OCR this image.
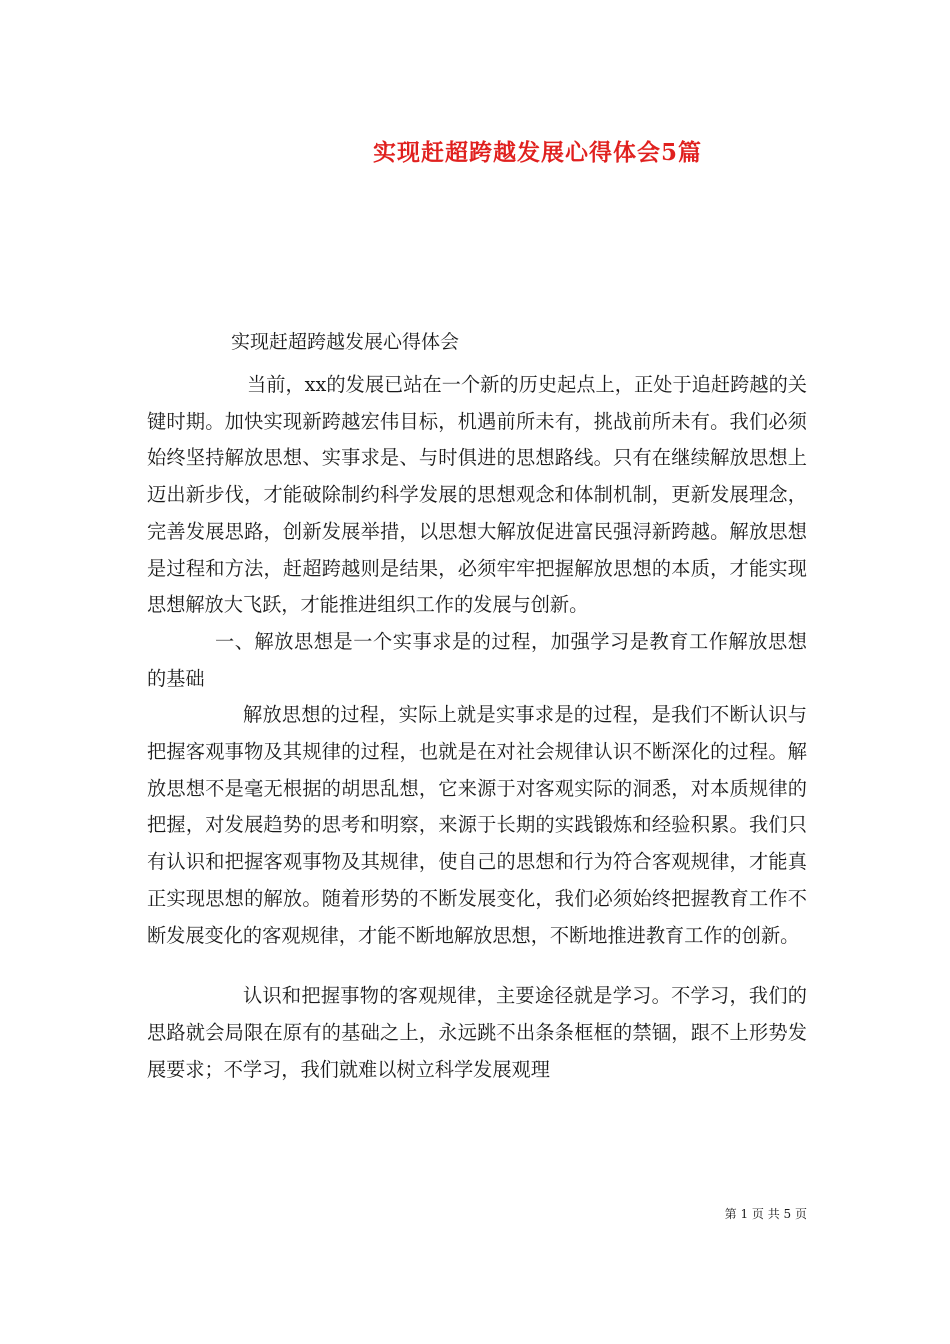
实现赶超跨越发展心得体会5篇
实现赶超跨越发展心得体会

当前，xx的发展已站在一个新的历史起点上，正处于追赶跨越的关键时期。加快实现新跨越宏伟目标，机遇前所未有，挑战前所未有。我们必须始终坚持解放思想、实事求是、与时俱进的思想路线。只有在继续解放思想上迈出新步伐，才能破除制约科学发展的思想观念和体制机制，更新发展理念，完善发展思路，创新发展举措，以思想大解放促进富民强浔新跨越。解放思想是过程和方法，赶超跨越则是结果，必须牢牢把握解放思想的本质，才能实现思想解放大飞跃，才能推进组织工作的发展与创新。

一、解放思想是一个实事求是的过程，加强学习是教育工作解放思想的基础

解放思想的过程，实际上就是实事求是的过程，是我们不断认识与把握客观事物及其规律的过程，也就是在对社会规律认识不断深化的过程。解放思想不是毫无根据的胡思乱想，它来源于对客观实际的洞悉，对本质规律的把握，对发展趋势的思考和明察，来源于长期的实践锻炼和经验积累。我们只有认识和把握客观事物及其规律，使自己的思想和行为符合客观规律，才能真正实现思想的解放。随着形势的不断发展变化，我们必须始终把握教育工作不断发展变化的客观规律，才能不断地解放思想，不断地推进教育工作的创新。

认识和把握事物的客观规律，主要途径就是学习。不学习，我们的思路就会局限在原有的基础之上，永远跳不出条条框框的禁锢，跟不上形势发展要求；不学习，我们就难以树立科学发展观理

第 1 页 共 5 页
